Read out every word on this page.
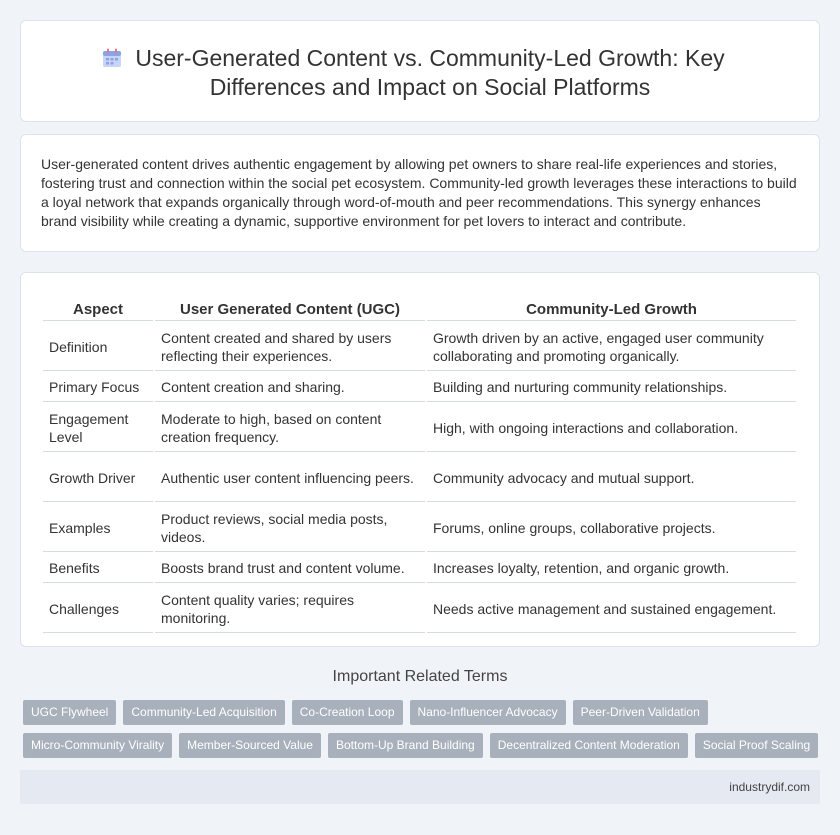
User-Generated Content vs. Community-Led Growth: Key Differences and Impact on Social Platforms

User-generated content drives authentic engagement by allowing pet owners to share real-life experiences and stories, fostering trust and connection within the social pet ecosystem. Community-led growth leverages these interactions to build a loyal network that expands organically through word-of-mouth and peer recommendations. This synergy enhances brand visibility while creating a dynamic, supportive environment for pet lovers to interact and contribute.

Aspect	User Generated Content (UGC)	Community-Led Growth
Definition	Content created and shared by users reflecting their experiences.	Growth driven by an active, engaged user community collaborating and promoting organically.
Primary Focus	Content creation and sharing.	Building and nurturing community relationships.
Engagement Level	Moderate to high, based on content creation frequency.	High, with ongoing interactions and collaboration.
Growth Driver	Authentic user content influencing peers.	Community advocacy and mutual support.
Examples	Product reviews, social media posts, videos.	Forums, online groups, collaborative projects.
Benefits	Boosts brand trust and content volume.	Increases loyalty, retention, and organic growth.
Challenges	Content quality varies; requires monitoring.	Needs active management and sustained engagement.
Important Related Terms
UGC Flywheel	Community-Led Acquisition	Co-Creation Loop	Nano-Influencer Advocacy	Peer-Driven Validation
Micro-Community Virality	Member-Sourced Value	Bottom-Up Brand Building	Decentralized Content Moderation	Social Proof Scaling
industrydif.com
